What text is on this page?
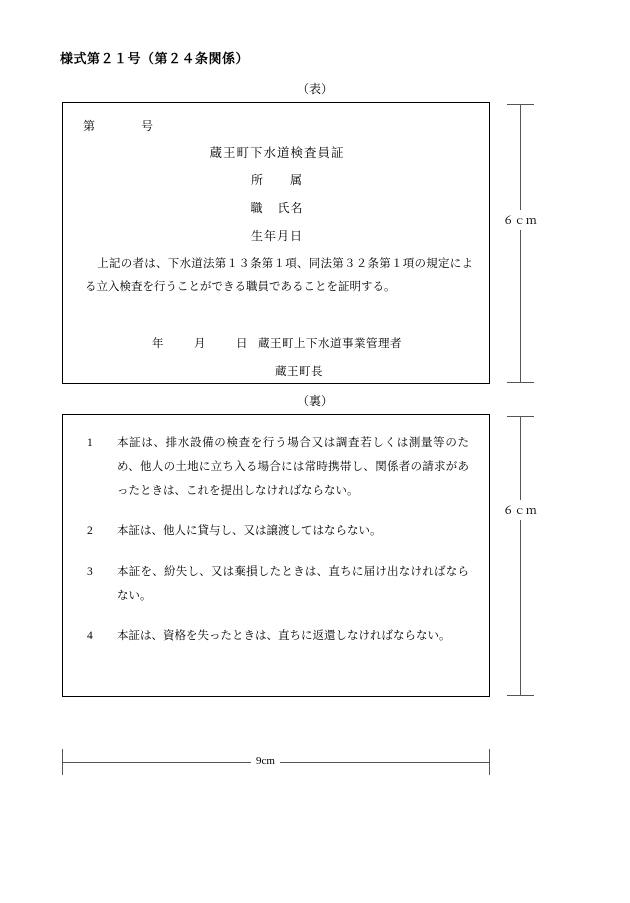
様式第２１号（第２４条関係）
（表）
第	号
蔵王町下水道検査員証
所 属
職 氏名
生年月日
上記の者は、下水道法第１３条第１項、同法第３２条第１項の規定による立入検査を行うことができる職員であることを証明する。
年	月	日 蔵王町上下水道事業管理者
蔵王町長
６ｃｍ
（裏）
1 本証は、排水設備の検査を行う場合又は調査若しくは測量等のため、他人の土地に立ち入る場合には常時携帯し、関係者の請求があったときは、これを提出しなければならない。
2 本証は、他人に貸与し、又は譲渡してはならない。
3 本証を、紛失し、又は棄損したときは、直ちに届け出なければならない。
4 本証は、資格を失ったときは、直ちに返還しなければならない。
６ｃｍ
9cm
